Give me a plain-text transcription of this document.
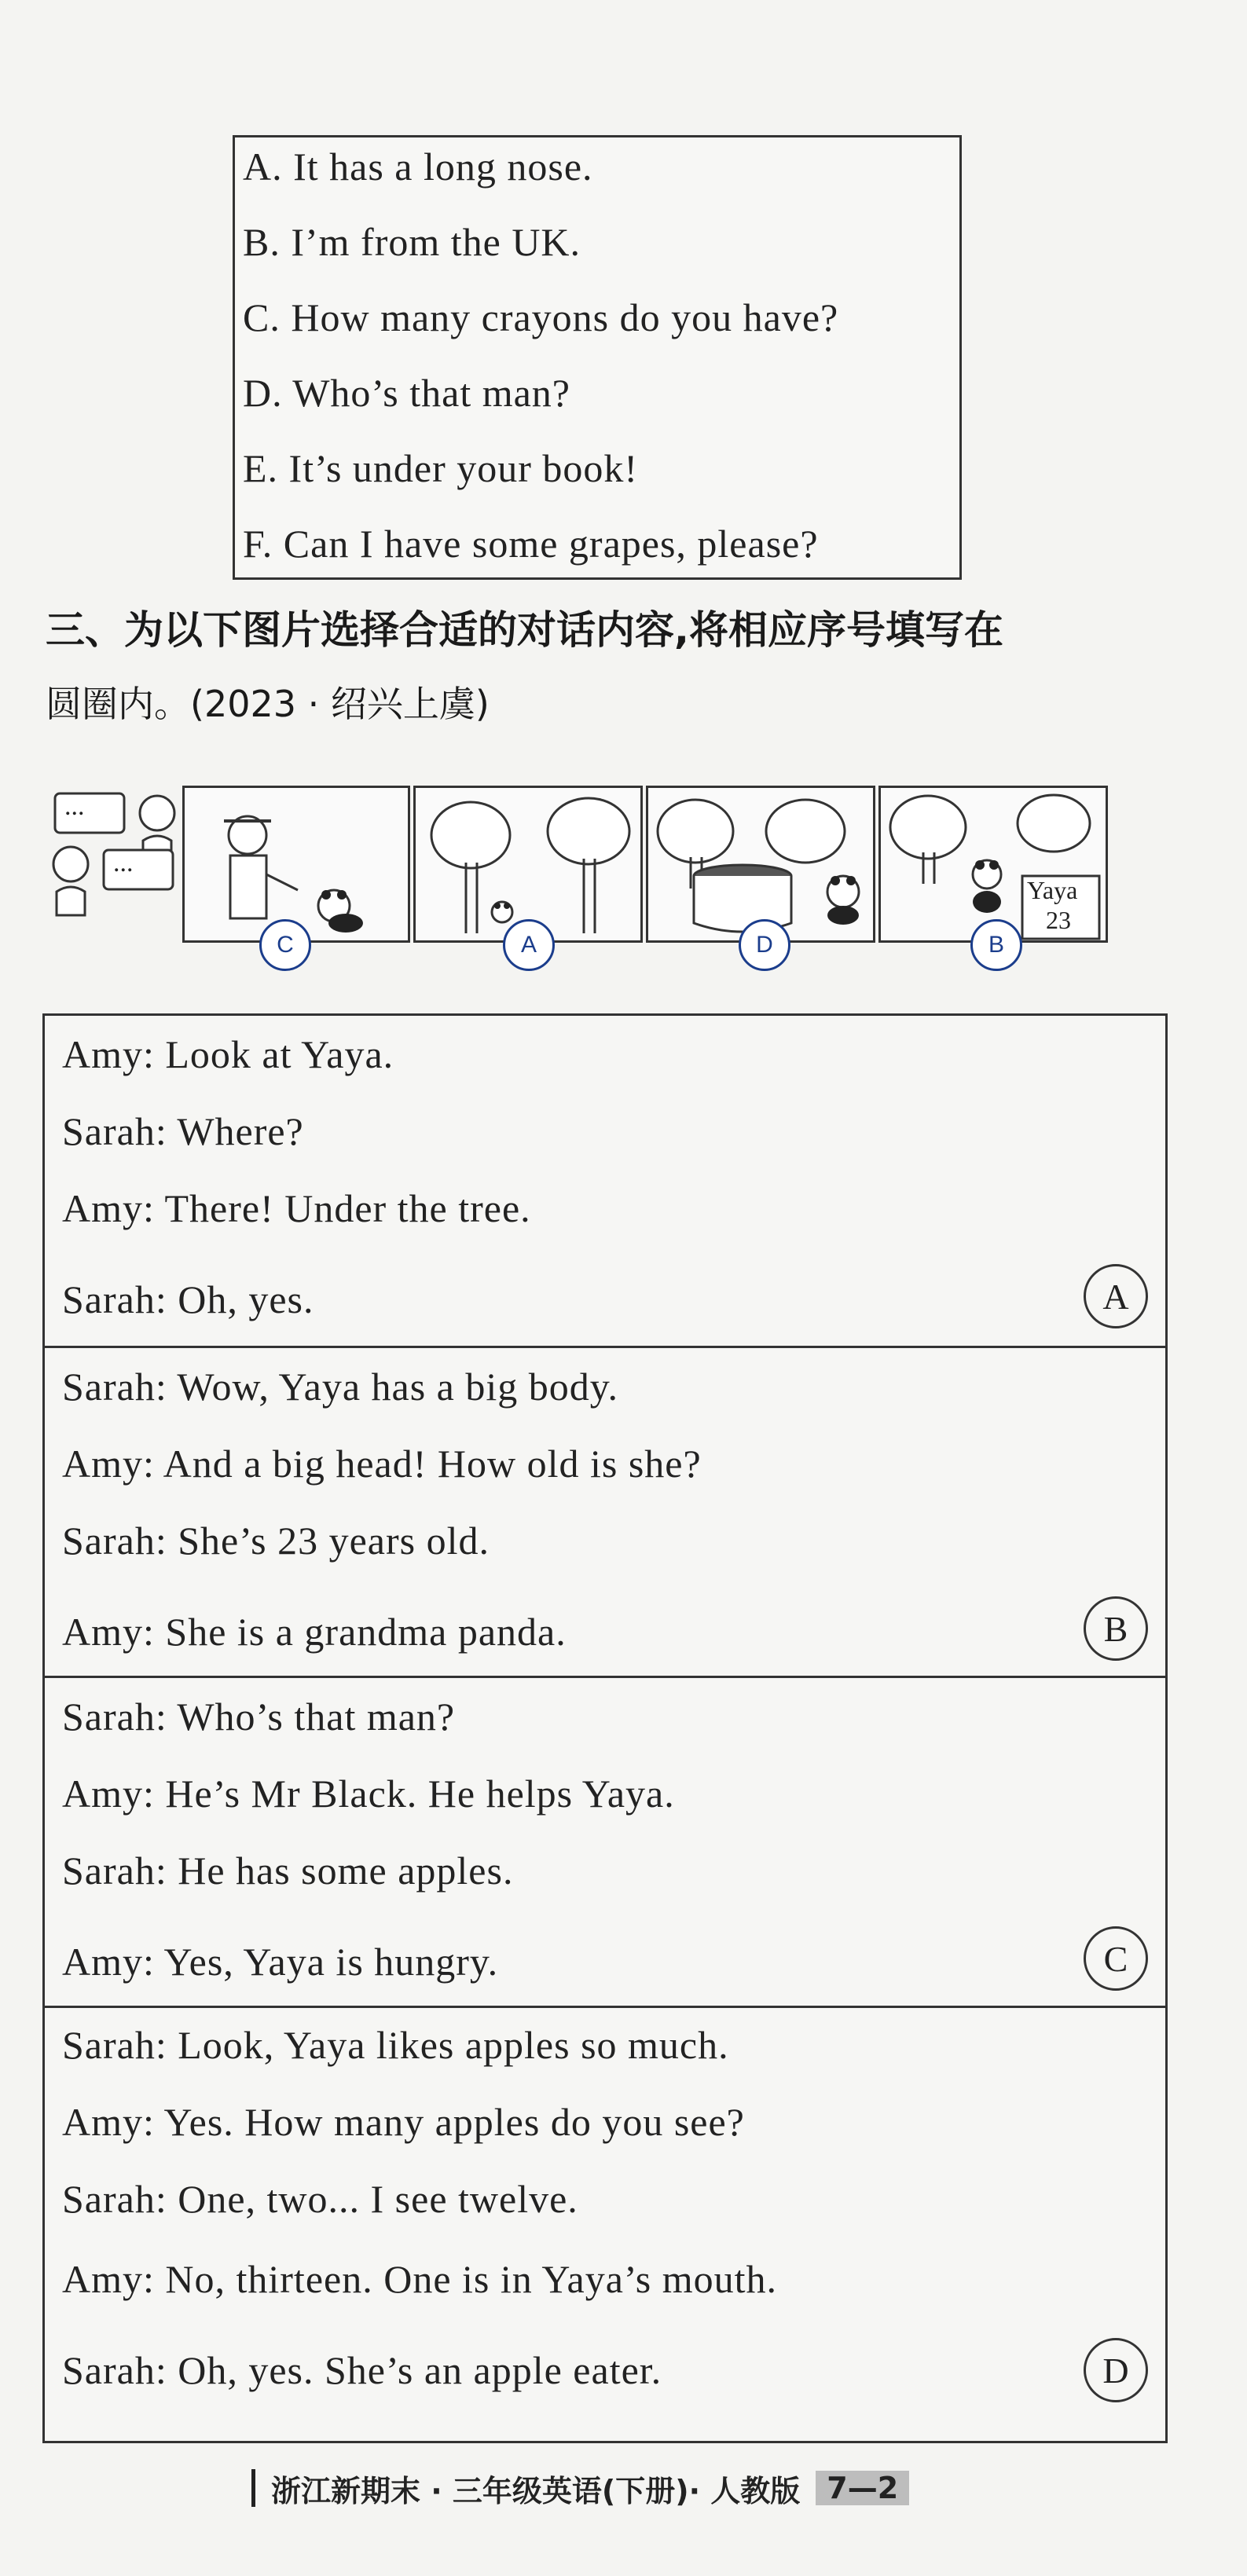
A. It has a long nose.
B. I’m from the UK.
C. How many crayons do you have?
D. Who’s that man?
E. It’s under your book!
F. Can I have some grapes, please?
三、为以下图片选择合适的对话内容,将相应序号填写在
圆圈内。(2023 · 绍兴上虞)
...
...
Yaya
23
C	A	D	B
Amy: Look at Yaya.
Sarah: Where?
Amy: There! Under the tree.
Sarah: Oh, yes.	A
Sarah: Wow, Yaya has a big body.
Amy: And a big head! How old is she?
Sarah: She’s 23 years old.
Amy: She is a grandma panda.	B
Sarah: Who’s that man?
Amy: He’s Mr Black. He helps Yaya.
Sarah: He has some apples.
Amy: Yes, Yaya is hungry.	C
Sarah: Look, Yaya likes apples so much.
Amy: Yes. How many apples do you see?
Sarah: One, two... I see twelve.
Amy: No, thirteen. One is in Yaya’s mouth.
Sarah: Oh, yes. She’s an apple eater.	D
浙江新期末 · 三年级英语(下册)· 人教版 7—2
